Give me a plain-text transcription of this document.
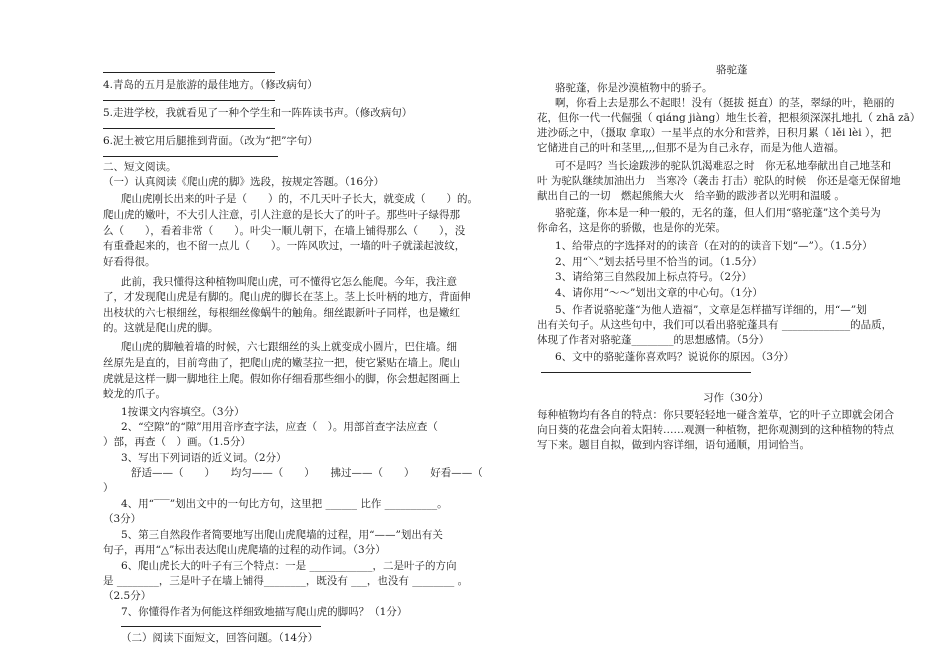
4.青岛的五月是旅游的最佳地方。（修改病句）
5.走进学校，我就看见了一种个学生和一阵阵读书声。（修改病句）
6.泥土被它用后腿推到背面。（改为“把”字句）
二、短文阅读。
（一）认真阅读《爬山虎的脚》选段，按规定答题。（16分）
爬山虎刚长出来的叶子是（　　）的，不几天叶子长大，就变成（　　）的。
爬山虎的嫩叶，不大引人注意，引人注意的是长大了的叶子。那些叶子绿得那
么（　　），看着非常（　　）。叶尖一顺儿朝下，在墙上铺得那么（　　），没
有重叠起来的，也不留一点儿（　　）。一阵风吹过，一墙的叶子就漾起波纹，
好看得很。
此前，我只懂得这种植物叫爬山虎，可不懂得它怎么能爬。今年，我注意
了，才发现爬山虎是有脚的。爬山虎的脚长在茎上。茎上长叶柄的地方，背面伸
出枝状的六七根细丝，每根细丝像蜗牛的触角。细丝跟新叶子同样，也是嫩红
的。这就是爬山虎的脚。
爬山虎的脚触着墙的时候，六七跟细丝的头上就变成小圆片，巴住墙。细
丝原先是直的，目前弯曲了，把爬山虎的嫩茎拉一把，使它紧贴在墙上。爬山
虎就是这样一脚一脚地往上爬。假如你仔细看那些细小的脚，你会想起图画上
蛟龙的爪子。
1按课文内容填空。（3分）
2、“空隙”的“隙”用用音序查字法，应查（　）。用部首查字法应查（
）部，再查（　）画。（1.5分）
3、写出下列词语的近义词。（2分）
舒适——（　　）　　均匀——（　　）　　拂过——（　　）　　好看——（
）
4、用“‾‾‾”划出文中的一句比方句，这里把 ______ 比作 __________。
（3分）
5、第三自然段作者简要地写出爬山虎爬墙的过程，用“——”划出有关
句子，再用“△”标出表达爬山虎爬墙的过程的动作词。（3分）
6、爬山虎长大的叶子有三个特点：一是 ____________，二是叶子的方向
是 ________，三是叶子在墙上铺得________，既没有 ___，也没有 ________ 。
（2.5分）
7、你懂得作者为何能这样细致地描写爬山虎的脚吗？（1分）
（二）阅读下面短文，回答问题。（14分）
骆驼蓬
骆驼蓬，你是沙漠植物中的骄子。
啊，你看上去是那么不起眼！没有（挺拔 挺直）的茎，翠绿的叶，艳丽的
花，但你一代一代倔强（ qiáng jiàng）地生长着，把根须深深扎地扎（ zhā zā）
进沙砾之中，（摄取 拿取）一星半点的水分和营养，日积月累（ lěi lèi ），把
它储进自己的叶和茎里,,,,但那不是为自己永存，而是为他人造福。
可不是吗？当长途跋涉的驼队饥渴难忍之时　你无私地奉献出自己地茎和
叶 为驼队继续加油出力　当寒冷（袭击 打击）驼队的时候　你还是毫无保留地
献出自己的一切　燃起熊熊大火　给辛勤的跋涉者以光明和温暖 。
骆驼蓬，你本是一种一般的，无名的蓬，但人们用“骆驼蓬”这个美号为
你命名，这是你的骄傲，也是你的光荣。
1、给带点的字选择对的的读音（在对的的读音下划“—”）。（1.5分）
2、用“＼”划去括号里不恰当的词。（1.5分）
3、请给第三自然段加上标点符号。（2分）
4、请你用“～～”划出文章的中心句。（1分）
5、作者说骆驼蓬“为他人造福”，文章是怎样描写详细的，用“—”划
出有关句子。从这些句中，我们可以看出骆驼蓬具有 _____________的品质，
体现了作者对骆驼蓬________的思想感情。（5分）
6、文中的骆驼蓬你喜欢吗？说说你的原因。（3分）
习作（30分）
每种植物均有各自的特点：你只要轻轻地一碰含羞草，它的叶子立即就会闭合
向日葵的花盘会向着太阳转……观测一种植物，把你观测到的这种植物的特点
写下来。题目自拟，做到内容详细，语句通顺，用词恰当。
